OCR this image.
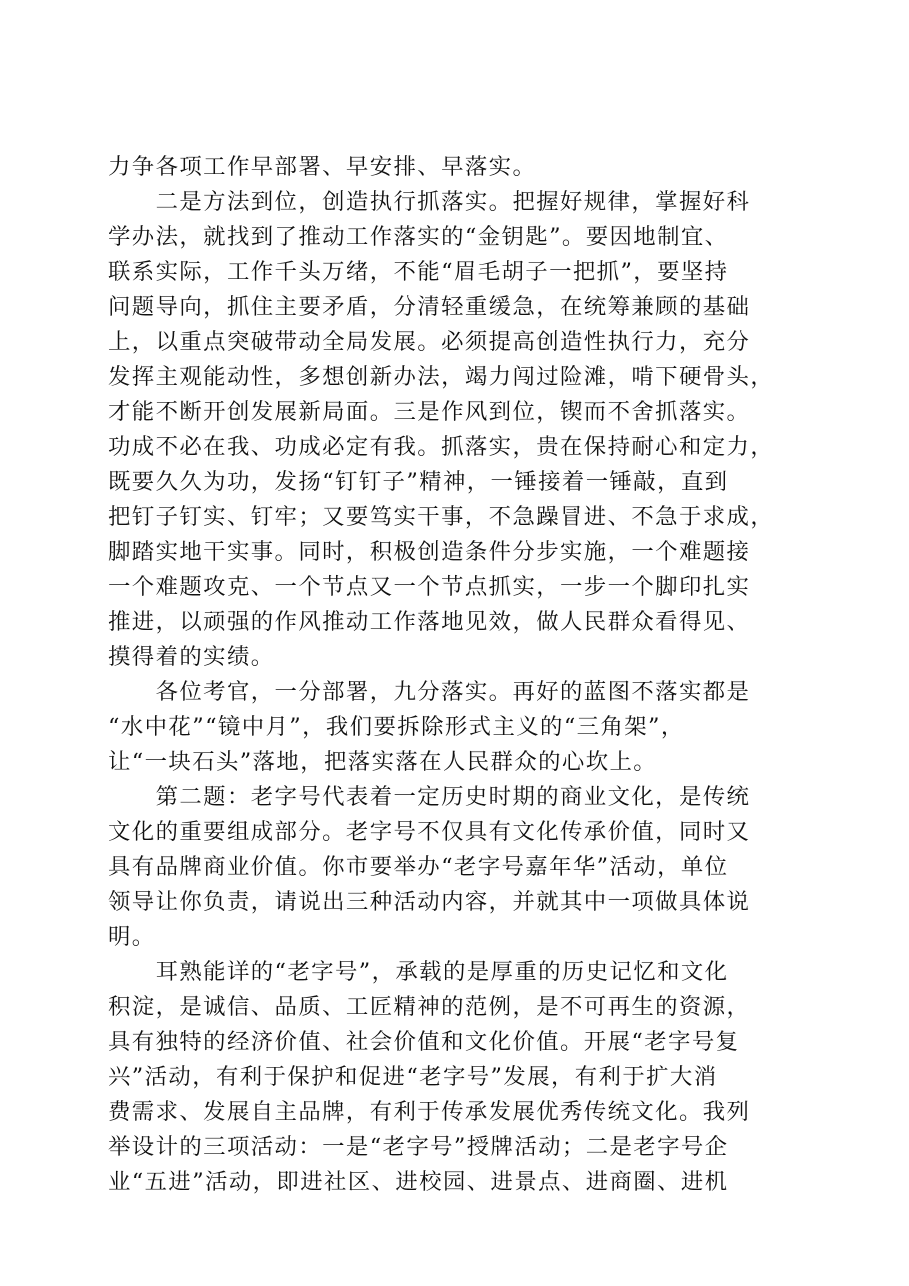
力争各项工作早部署、早安排、早落实。
　　二是方法到位，创造执行抓落实。把握好规律，掌握好科
学办法，就找到了推动工作落实的“金钥匙”。要因地制宜、
联系实际，工作千头万绪，不能“眉毛胡子一把抓”，要坚持
问题导向，抓住主要矛盾，分清轻重缓急，在统筹兼顾的基础
上，以重点突破带动全局发展。必须提高创造性执行力，充分
发挥主观能动性，多想创新办法，竭力闯过险滩，啃下硬骨头，
才能不断开创发展新局面。三是作风到位，锲而不舍抓落实。
功成不必在我、功成必定有我。抓落实，贵在保持耐心和定力，
既要久久为功，发扬“钉钉子”精神，一锤接着一锤敲，直到
把钉子钉实、钉牢；又要笃实干事，不急躁冒进、不急于求成，
脚踏实地干实事。同时，积极创造条件分步实施，一个难题接
一个难题攻克、一个节点又一个节点抓实，一步一个脚印扎实
推进，以顽强的作风推动工作落地见效，做人民群众看得见、
摸得着的实绩。
　　各位考官，一分部署，九分落实。再好的蓝图不落实都是
“水中花”“镜中月”，我们要拆除形式主义的“三角架”，
让“一块石头”落地，把落实落在人民群众的心坎上。
　　第二题：老字号代表着一定历史时期的商业文化，是传统
文化的重要组成部分。老字号不仅具有文化传承价值，同时又
具有品牌商业价值。你市要举办“老字号嘉年华”活动，单位
领导让你负责，请说出三种活动内容，并就其中一项做具体说
明。
　　耳熟能详的“老字号”，承载的是厚重的历史记忆和文化
积淀，是诚信、品质、工匠精神的范例，是不可再生的资源，
具有独特的经济价值、社会价值和文化价值。开展“老字号复
兴”活动，有利于保护和促进“老字号”发展，有利于扩大消
费需求、发展自主品牌，有利于传承发展优秀传统文化。我列
举设计的三项活动：一是“老字号”授牌活动；二是老字号企
业“五进”活动，即进社区、进校园、进景点、进商圈、进机
